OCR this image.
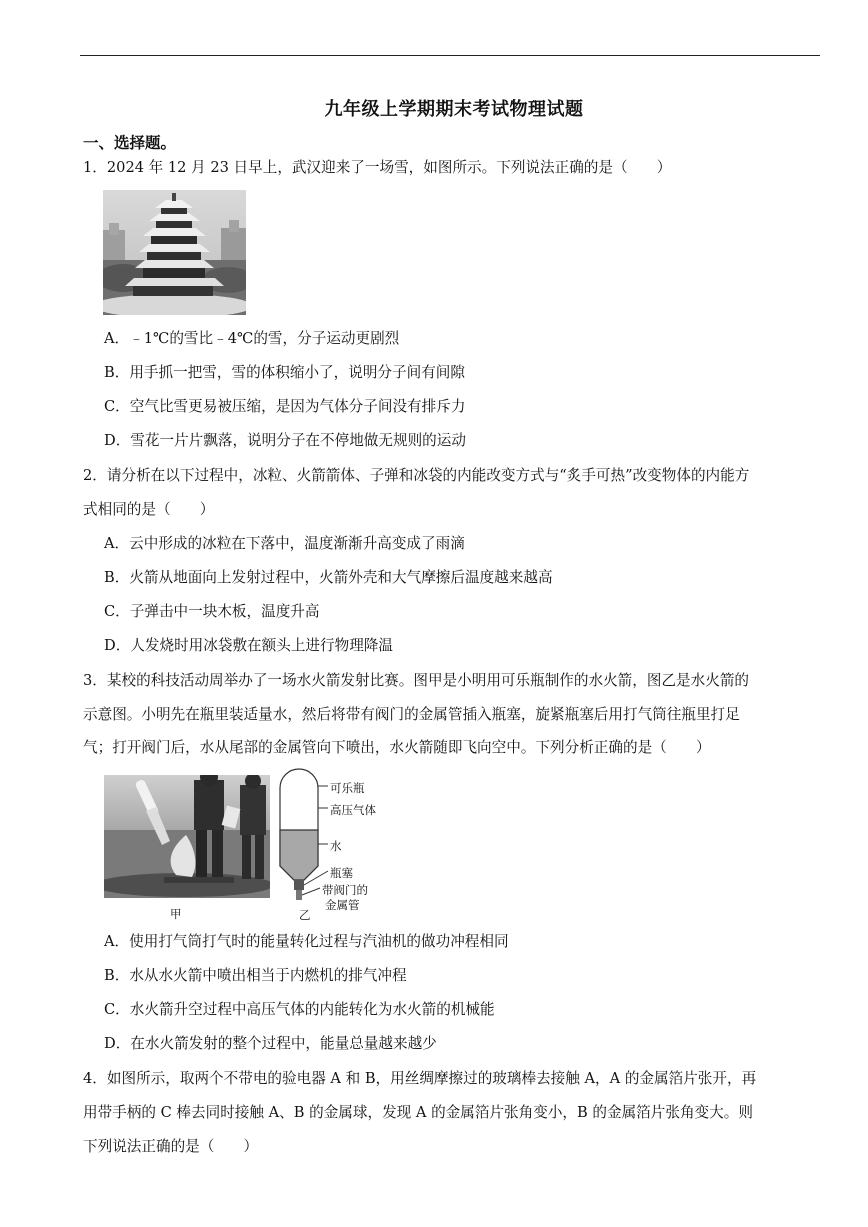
九年级上学期期末考试物理试题
一、选择题。
1．2024 年 12 月 23 日早上，武汉迎来了一场雪，如图所示。下列说法正确的是（　　）
A．﹣1℃的雪比﹣4℃的雪，分子运动更剧烈
B．用手抓一把雪，雪的体积缩小了，说明分子间有间隙
C．空气比雪更易被压缩，是因为气体分子间没有排斥力
D．雪花一片片飘落，说明分子在不停地做无规则的运动
2．请分析在以下过程中，冰粒、火箭箭体、子弹和冰袋的内能改变方式与“炙手可热”改变物体的内能方
式相同的是（　　）
A．云中形成的冰粒在下落中，温度渐渐升高变成了雨滴
B．火箭从地面向上发射过程中，火箭外壳和大气摩擦后温度越来越高
C．子弹击中一块木板，温度升高
D．人发烧时用冰袋敷在额头上进行物理降温
3．某校的科技活动周举办了一场水火箭发射比赛。图甲是小明用可乐瓶制作的水火箭，图乙是水火箭的
示意图。小明先在瓶里装适量水，然后将带有阀门的金属管插入瓶塞，旋紧瓶塞后用打气筒往瓶里打足
气；打开阀门后，水从尾部的金属管向下喷出，水火箭随即飞向空中。下列分析正确的是（　　）
甲
可乐瓶
高压气体
水
瓶塞
带阀门的
金属管
乙
A．使用打气筒打气时的能量转化过程与汽油机的做功冲程相同
B．水从水火箭中喷出相当于内燃机的排气冲程
C．水火箭升空过程中高压气体的内能转化为水火箭的机械能
D．在水火箭发射的整个过程中，能量总量越来越少
4．如图所示，取两个不带电的验电器 A 和 B，用丝绸摩擦过的玻璃棒去接触 A，A 的金属箔片张开，再
用带手柄的 C 棒去同时接触 A、B 的金属球，发现 A 的金属箔片张角变小，B 的金属箔片张角变大。则
下列说法正确的是（　　）
